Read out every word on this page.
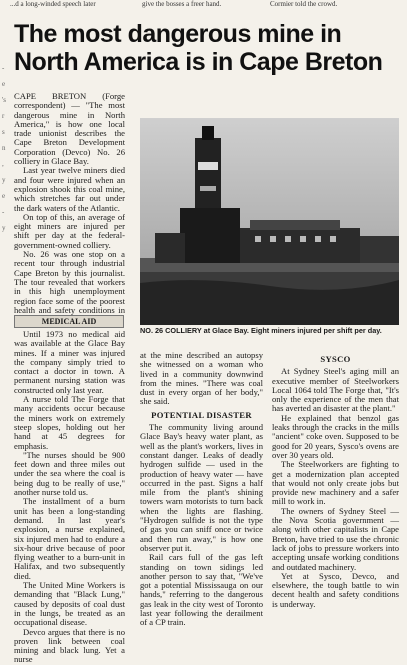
...d a long-winded speech later	give the bosses a freer hand.	Cormier told the crowd.
-
e
's
r
s
n
,
y
e
-
y
The most dangerous mine in North America is in Cape Breton

CAPE BRETON (Forge correspondent) — "The most dangerous mine in North America," is how one local trade unionist describes the Cape Breton Development Corporation (Devco) No. 26 colliery in Glace Bay.

Last year twelve miners died and four were injured when an explosion shook this coal mine, which stretches far out under the dark waters of the Atlantic.

On top of this, an average of eight miners are injured per shift per day at the federal-government-owned colliery.

No. 26 was one stop on a recent tour through industrial Cape Breton by this journalist. The tour revealed that workers in this high unemployment region face some of the poorest health and safety conditions in

MEDICAL AID

Until 1973 no medical aid was available at the Glace Bay mines. If a miner was injured the company simply tried to contact a doctor in town. A permanent nursing station was constructed only last year.

A nurse told The Forge that many accidents occur because the miners work on extremely steep slopes, holding out her hand at 45 degrees for emphasis.

"The nurses should be 900 feet down and three miles out under the sea where the coal is being dug to be really of use," another nurse told us.

The installment of a burn unit has been a long-standing demand. In last year's explosion, a nurse explained, six injured men had to endure a six-hour drive because of poor flying weather to a burn-unit in Halifax, and two subsequently died.

The United Mine Workers is demanding that "Black Lung," caused by deposits of coal dust in the lungs, be treated as an occupational disease.

Devco argues that there is no proven link between coal mining and black lung. Yet a nurse

NO. 26 COLLIERY at Glace Bay. Eight miners injured per shift per day.

at the mine described an autopsy she witnessed on a woman who lived in a community downwind from the mines. "There was coal dust in every organ of her body," she said.

POTENTIAL DISASTER

The community living around Glace Bay's heavy water plant, as well as the plant's workers, lives in constant danger. Leaks of deadly hydrogen sulfide — used in the production of heavy water — have occurred in the past. Signs a half mile from the plant's shining towers warn motorists to turn back when the lights are flashing. "Hydrogen sulfide is not the type of gas you can sniff once or twice and then run away," is how one observer put it.

Rail cars full of the gas left standing on town sidings led another person to say that, "We've got a potential Mississauga on our hands," referring to the dangerous gas leak in the city west of Toronto last year following the derailment of a CP train.

SYSCO

At Sydney Steel's aging mill an executive member of Steelworkers Local 1064 told The Forge that, "It's only the experience of the men that has averted an disaster at the plant."

He explained that benzol gas leaks through the cracks in the mills "ancient" coke oven. Supposed to be good for 20 years, Sysco's ovens are over 30 years old.

The Steelworkers are fighting to get a modernization plan accepted that would not only create jobs but provide new machinery and a safer mill to work in.

The owners of Sydney Steel — the Nova Scotia government — along with other capitalists in Cape Breton, have tried to use the chronic lack of jobs to pressure workers into accepting unsafe working conditions and outdated machinery.

Yet at Sysco, Devco, and elsewhere, the tough battle to win decent health and safety conditions is underway.
